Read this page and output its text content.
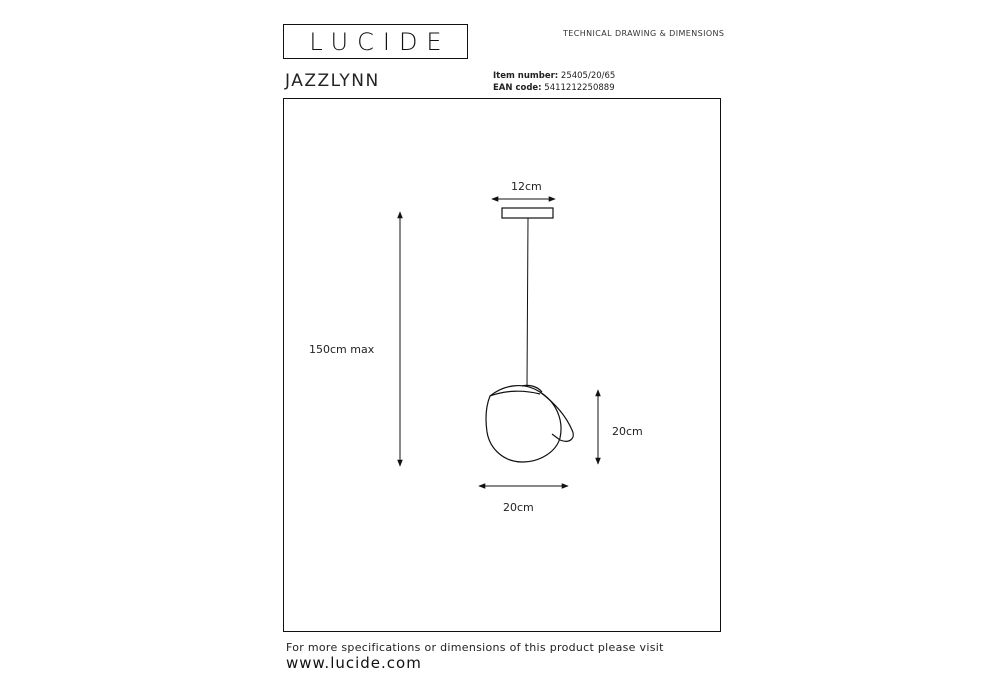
LUCIDE	TECHNICAL DRAWING & DIMENSIONS
JAZZLYNN	Item number: 25405/20/65
EAN code: 5411212250889
12cm
150cm max
20cm
20cm
For more specifications or dimensions of this product please visit
www.lucide.com
